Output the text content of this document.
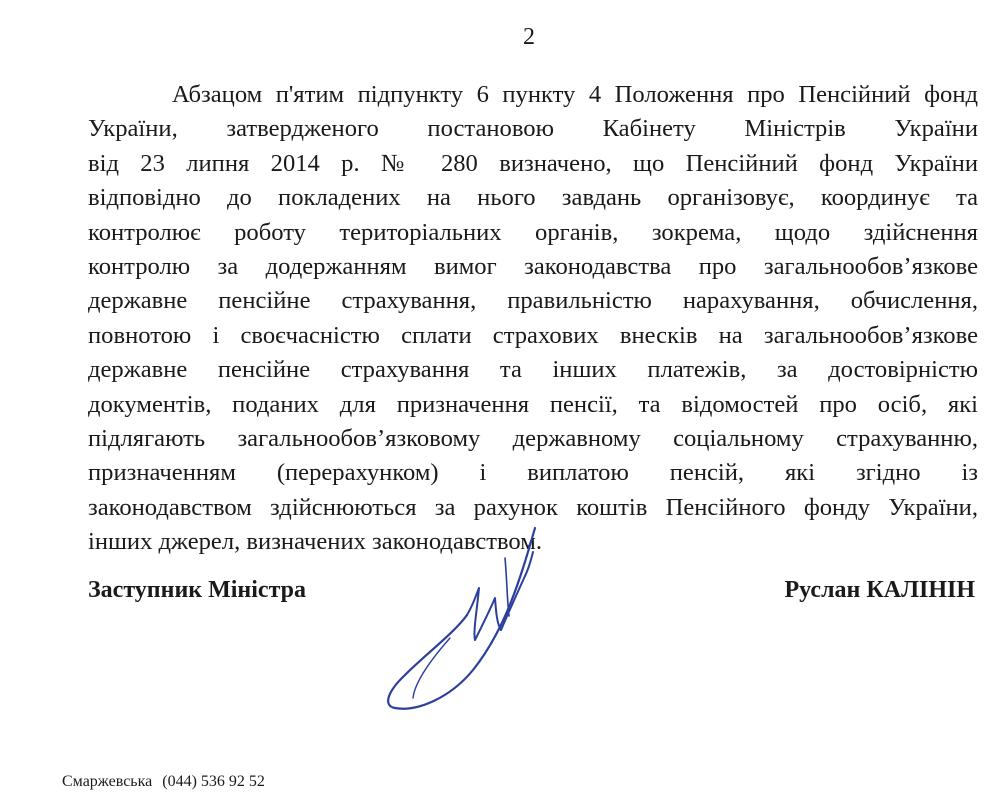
2
Абзацом п'ятим підпункту 6 пункту 4 Положення про Пенсійний фонд
України, затвердженого постановою Кабінету Міністрів України
від 23 липня 2014 р. № 280 визначено, що Пенсійний фонд України
відповідно до покладених на нього завдань організовує, координує та
контролює роботу територіальних органів, зокрема, щодо здійснення
контролю за додержанням вимог законодавства про загальнообов’язкове
державне пенсійне страхування, правильністю нарахування, обчислення,
повнотою і своєчасністю сплати страхових внесків на загальнообов’язкове
державне пенсійне страхування та інших платежів, за достовірністю
документів, поданих для призначення пенсії, та відомостей про осіб, які
підлягають загальнообов’язковому державному соціальному страхуванню,
призначенням (перерахунком) і виплатою пенсій, які згідно із
законодавством здійснюються за рахунок коштів Пенсійного фонду України,
інших джерел, визначених законодавством.
Заступник Міністра	Руслан КАЛІНІН
Смаржевська (044) 536 92 52
